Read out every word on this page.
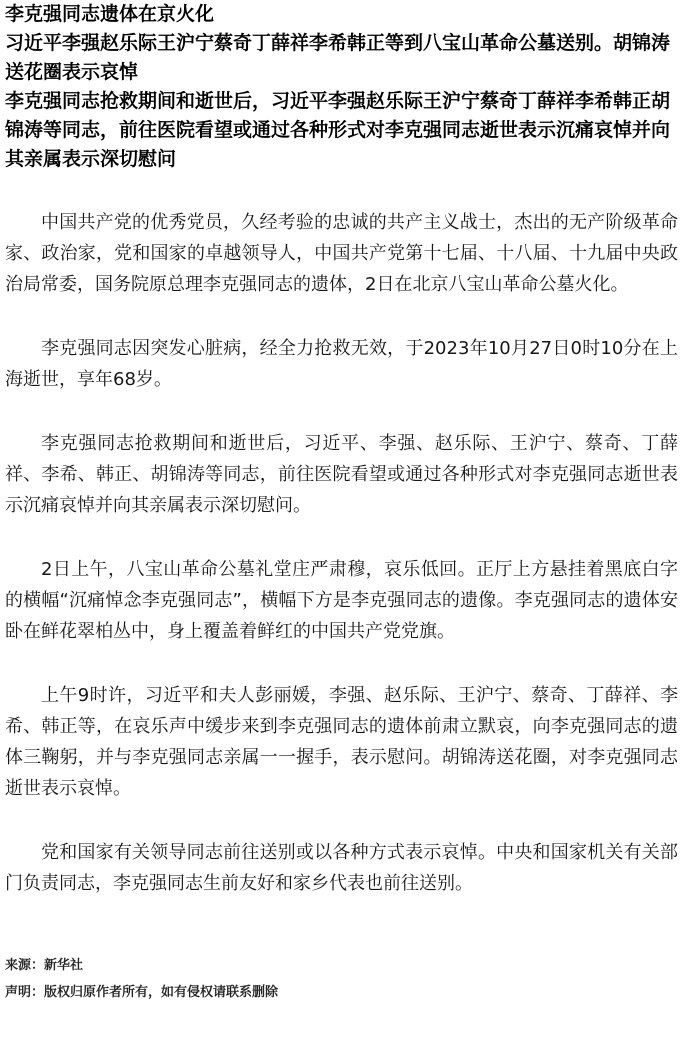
李克强同志遗体在京火化
习近平李强赵乐际王沪宁蔡奇丁薛祥李希韩正等到八宝山革命公墓送别。胡锦涛送花圈表示哀悼
李克强同志抢救期间和逝世后，习近平李强赵乐际王沪宁蔡奇丁薛祥李希韩正胡锦涛等同志，前往医院看望或通过各种形式对李克强同志逝世表示沉痛哀悼并向其亲属表示深切慰问

中国共产党的优秀党员，久经考验的忠诚的共产主义战士，杰出的无产阶级革命家、政治家，党和国家的卓越领导人，中国共产党第十七届、十八届、十九届中央政治局常委，国务院原总理李克强同志的遗体，2日在北京八宝山革命公墓火化。

李克强同志因突发心脏病，经全力抢救无效，于2023年10月27日0时10分在上海逝世，享年68岁。

李克强同志抢救期间和逝世后，习近平、李强、赵乐际、王沪宁、蔡奇、丁薛祥、李希、韩正、胡锦涛等同志，前往医院看望或通过各种形式对李克强同志逝世表示沉痛哀悼并向其亲属表示深切慰问。

2日上午，八宝山革命公墓礼堂庄严肃穆，哀乐低回。正厅上方悬挂着黑底白字的横幅“沉痛悼念李克强同志”，横幅下方是李克强同志的遗像。李克强同志的遗体安卧在鲜花翠柏丛中，身上覆盖着鲜红的中国共产党党旗。

上午9时许，习近平和夫人彭丽媛，李强、赵乐际、王沪宁、蔡奇、丁薛祥、李希、韩正等，在哀乐声中缓步来到李克强同志的遗体前肃立默哀，向李克强同志的遗体三鞠躬，并与李克强同志亲属一一握手，表示慰问。胡锦涛送花圈，对李克强同志逝世表示哀悼。

党和国家有关领导同志前往送别或以各种方式表示哀悼。中央和国家机关有关部门负责同志，李克强同志生前友好和家乡代表也前往送别。

来源：新华社

声明：版权归原作者所有，如有侵权请联系删除
